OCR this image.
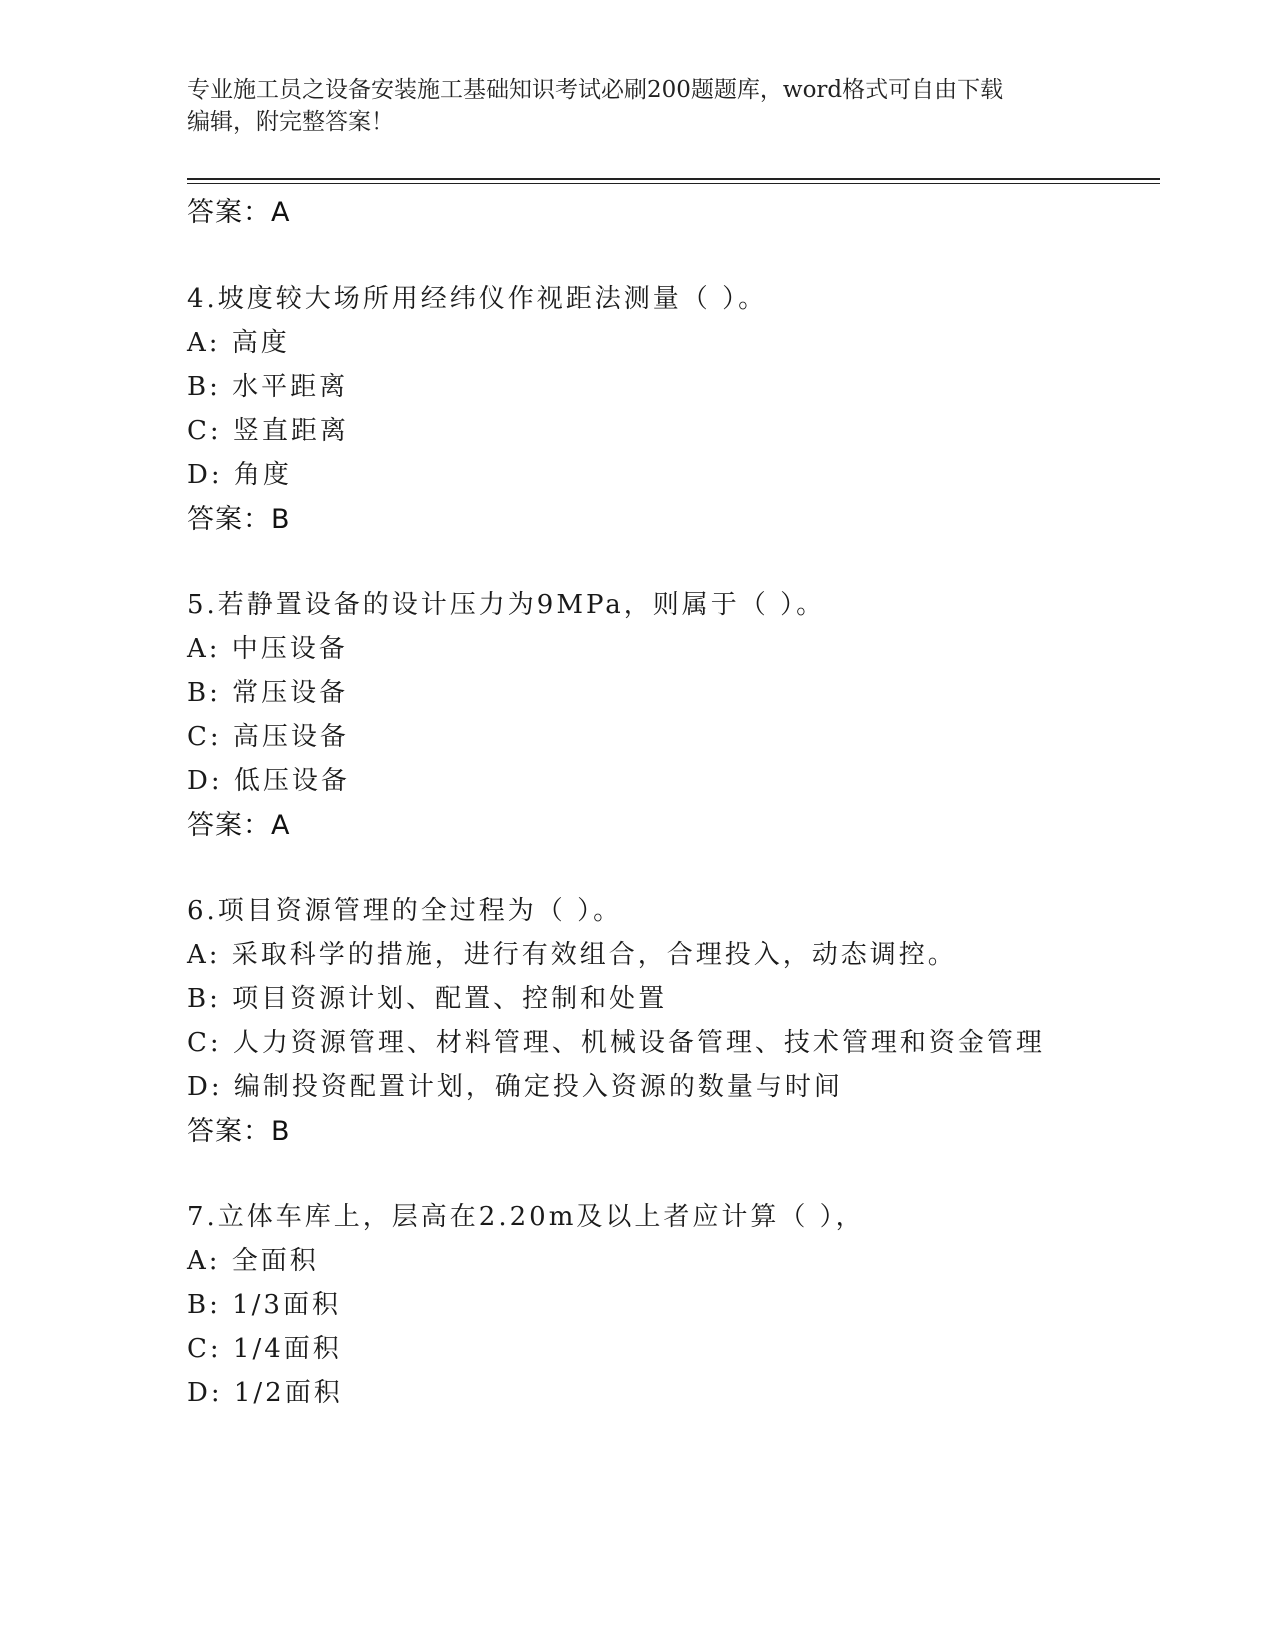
专业施工员之设备安装施工基础知识考试必刷200题题库，word格式可自由下载
编辑，附完整答案！
答案：A
4.坡度较大场所用经纬仪作视距法测量（ ）。
A: 高度
B: 水平距离
C: 竖直距离
D: 角度
答案：B
5.若静置设备的设计压力为9MPa，则属于（ ）。
A: 中压设备
B: 常压设备
C: 高压设备
D: 低压设备
答案：A
6.项目资源管理的全过程为（ ）。
A: 采取科学的措施，进行有效组合，合理投入，动态调控。
B: 项目资源计划、配置、控制和处置
C: 人力资源管理、材料管理、机械设备管理、技术管理和资金管理
D: 编制投资配置计划，确定投入资源的数量与时间
答案：B
7.立体车库上，层高在2.20m及以上者应计算（ ），
A: 全面积
B: 1/3面积
C: 1/4面积
D: 1/2面积
